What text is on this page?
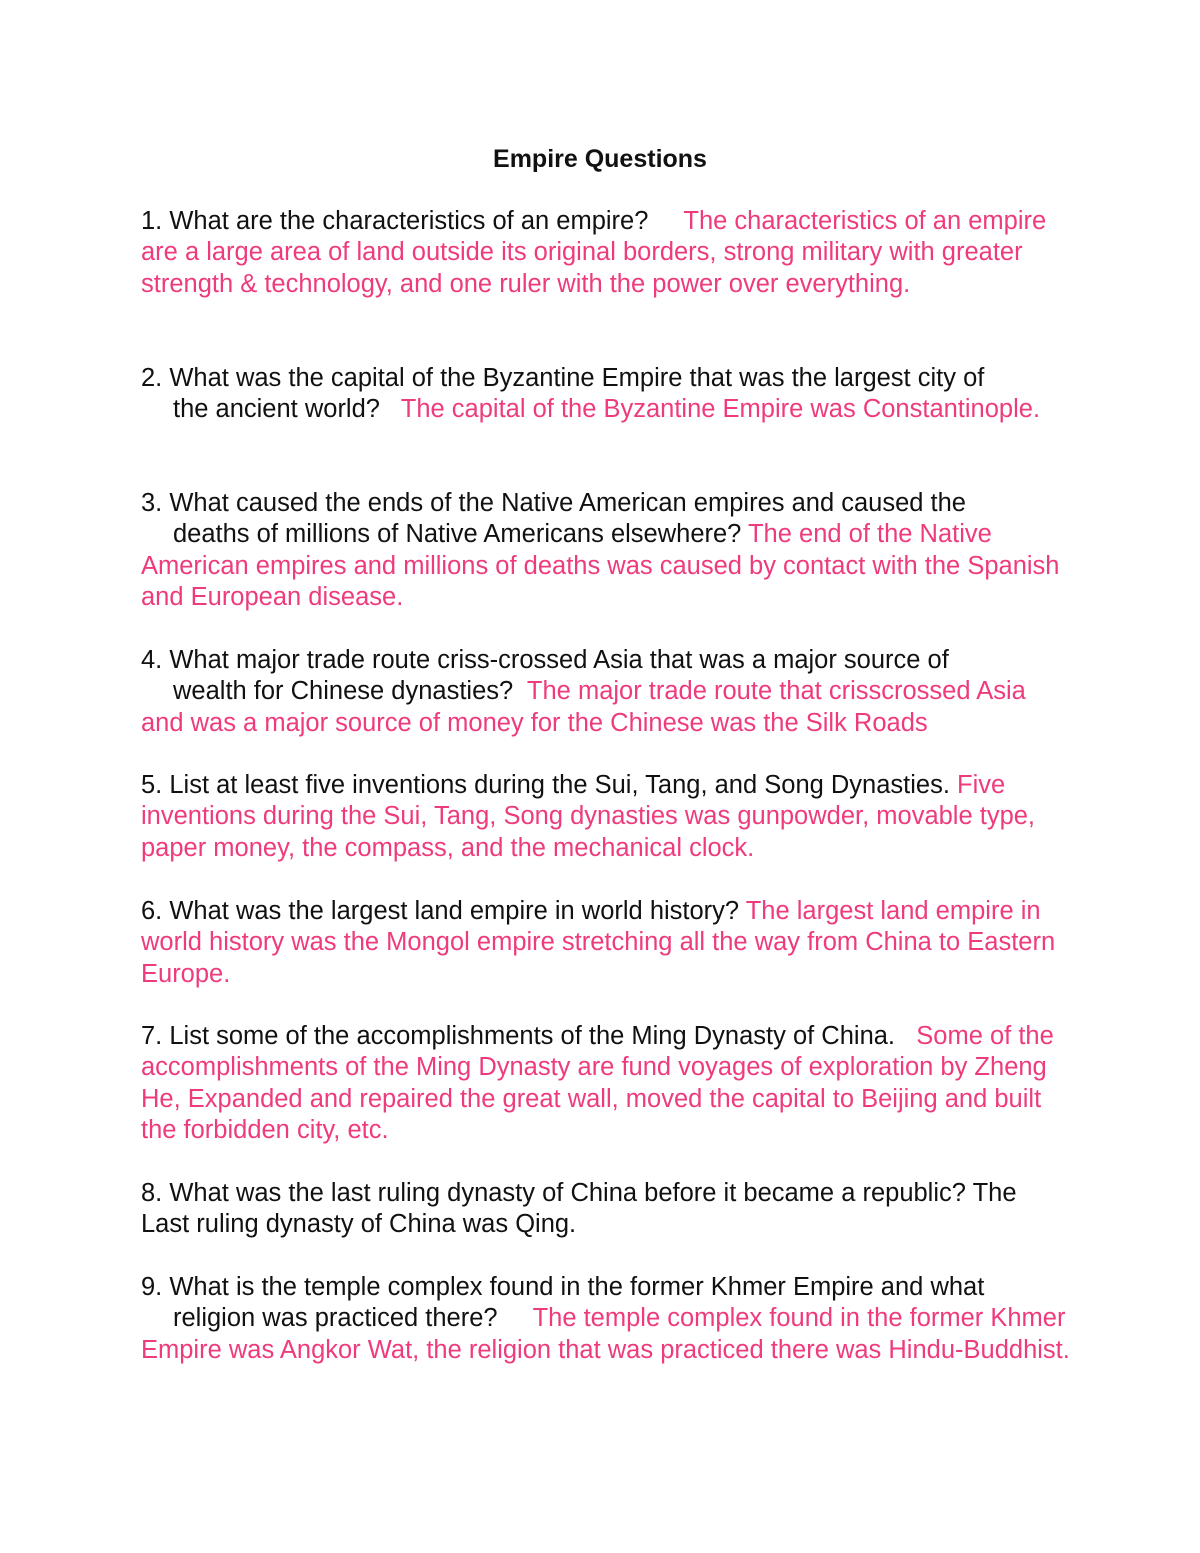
Empire Questions

1. What are the characteristics of an empire? The characteristics of an empire are a large area of land outside its original borders, strong military with greater strength & technology, and one ruler with the power over everything.

2. What was the capital of the Byzantine Empire that was the largest city of
the ancient world? The capital of the Byzantine Empire was Constantinople.

3. What caused the ends of the Native American empires and caused the
deaths of millions of Native Americans elsewhere? The end of the Native American empires and millions of deaths was caused by contact with the Spanish and European disease.

4. What major trade route criss-crossed Asia that was a major source of
wealth for Chinese dynasties? The major trade route that crisscrossed Asia and was a major source of money for the Chinese was the Silk Roads

5. List at least five inventions during the Sui, Tang, and Song Dynasties. Five inventions during the Sui, Tang, Song dynasties was gunpowder, movable type, paper money, the compass, and the mechanical clock.

6. What was the largest land empire in world history? The largest land empire in world history was the Mongol empire stretching all the way from China to Eastern Europe.

7. List some of the accomplishments of the Ming Dynasty of China. Some of the accomplishments of the Ming Dynasty are fund voyages of exploration by Zheng He, Expanded and repaired the great wall, moved the capital to Beijing and built the forbidden city, etc.

8. What was the last ruling dynasty of China before it became a republic? The Last ruling dynasty of China was Qing.

9. What is the temple complex found in the former Khmer Empire and what
religion was practiced there? The temple complex found in the former Khmer Empire was Angkor Wat, the religion that was practiced there was Hindu-Buddhist.
